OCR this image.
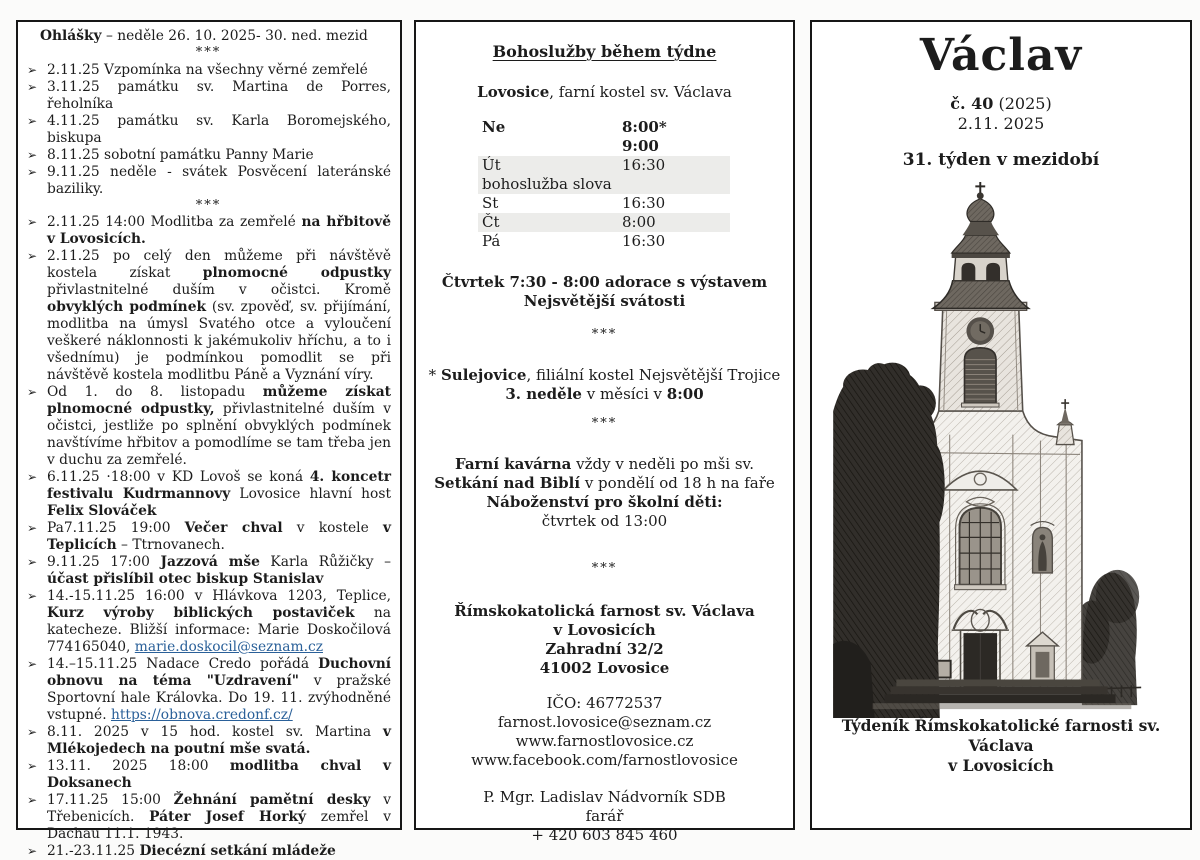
Ohlášky – neděle 26. 10. 2025- 30. ned. mezid
***
➢ 2.11.25 Vzpomínka na všechny věrné zemřelé
➢ 3.11.25 památku sv. Martina de Porres, řeholníka
➢ 4.11.25 památku sv. Karla Boromejského, biskupa
➢ 8.11.25 sobotní památku Panny Marie
➢ 9.11.25 neděle - svátek Posvěcení lateránské baziliky.
***
➢ 2.11.25 14:00 Modlitba za zemřelé na hřbitově v Lovosicích.
➢ 2.11.25 po celý den můžeme při návštěvě kostela získat plnomocné odpustky přivlastnitelné duším v očistci. Kromě obvyklých podmínek (sv. zpověď, sv. přijímání, modlitba na úmysl Svatého otce a vyloučení veškeré náklonnosti k jakémukoliv hříchu, a to i všednímu) je podmínkou pomodlit se při návštěvě kostela modlitbu Páně a Vyznání víry.
➢ Od 1. do 8. listopadu můžeme získat plnomocné odpustky, přivlastnitelné duším v očistci, jestliže po splnění obvyklých podmínek navštívíme hřbitov a pomodlíme se tam třeba jen v duchu za zemřelé.
➢ 6.11.25 ·18:00 v KD Lovoš se koná 4. koncetr festivalu Kudrmannovy Lovosice hlavní host Felix Slováček
➢ Pa7.11.25 19:00 Večer chval v kostele v Teplicích – Ttrnovanech.
➢ 9.11.25 17:00 Jazzová mše Karla Růžičky – účast přislíbil otec biskup Stanislav
➢ 14.-15.11.25 16:00 v Hlávkova 1203, Teplice, Kurz výroby biblických postaviček na katecheze. Bližší informace: Marie Doskočilová 774165040, marie.doskocil@seznam.cz
➢ 14.–15.11.25 Nadace Credo pořádá Duchovní obnovu na téma "Uzdravení" v pražské Sportovní hale Královka. Do 19. 11. zvýhodněné vstupné. https://obnova.credonf.cz/
➢ 8.11. 2025 v 15 hod. kostel sv. Martina v Mlékojedech na poutní mše svatá.
➢ 13.11. 2025 18:00 modlitba chval v Doksanech
➢ 17.11.25 15:00 Žehnání pamětní desky v Třebenicích. Páter Josef Horký zemřel v Dachau 11.1. 1943.
➢ 21.-23.11.25 Diecézní setkání mládeže
Bohoslužby během týdne
Lovosice, farní kostel sv. Václava
Ne	8:00*
9:00
Út	16:30
bohoslužba slova
St	16:30
Čt	8:00
Pá	16:30
Čtvrtek 7:30 - 8:00 adorace s výstavem
Nejsvětější svátosti
***
* Sulejovice, filiální kostel Nejsvětější Trojice
3. neděle v měsíci v 8:00
***
Farní kavárna vždy v neděli po mši sv.
Setkání nad Biblí v pondělí od 18 h na faře
Náboženství pro školní děti:
čtvrtek od 13:00
***
Římskokatolická farnost sv. Václava
v Lovosicích
Zahradní 32/2
41002 Lovosice
IČO: 46772537
farnost.lovosice@seznam.cz
www.farnostlovosice.cz
www.facebook.com/farnostlovosice
P. Mgr. Ladislav Nádvorník SDB
farář
+ 420 603 845 460
Václav
č. 40 (2025)
2.11. 2025
31. týden v mezidobí
Týdeník Římskokatolické farnosti sv. Václava
v Lovosicích
